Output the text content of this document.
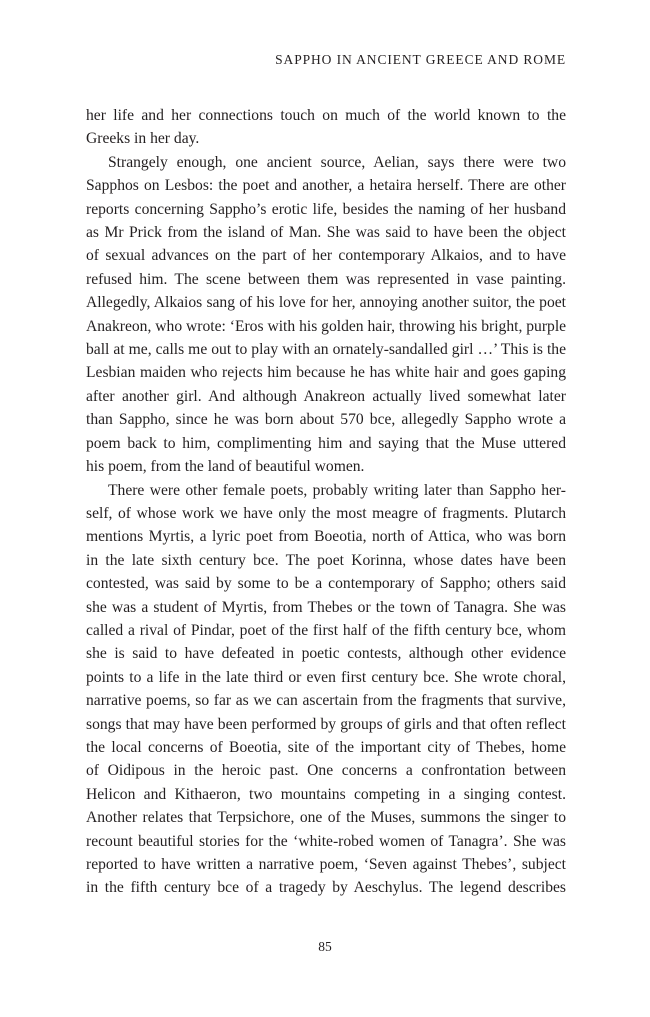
SAPPHO IN ANCIENT GREECE AND ROME

her life and her connections touch on much of the world known to the
Greeks in her day.

Strangely enough, one ancient source, Aelian, says there were two
Sapphos on Lesbos: the poet and another, a hetaira herself. There are other
reports concerning Sappho’s erotic life, besides the naming of her husband
as Mr Prick from the island of Man. She was said to have been the object
of sexual advances on the part of her contemporary Alkaios, and to have
refused him. The scene between them was represented in vase painting.
Allegedly, Alkaios sang of his love for her, annoying another suitor, the poet
Anakreon, who wrote: ‘Eros with his golden hair, throwing his bright, purple
ball at me, calls me out to play with an ornately-sandalled girl …’ This is the
Lesbian maiden who rejects him because he has white hair and goes gaping
after another girl. And although Anakreon actually lived somewhat later
than Sappho, since he was born about 570 bce, allegedly Sappho wrote a
poem back to him, complimenting him and saying that the Muse uttered
his poem, from the land of beautiful women.

There were other female poets, probably writing later than Sappho her-
self, of whose work we have only the most meagre of fragments. Plutarch
mentions Myrtis, a lyric poet from Boeotia, north of Attica, who was born
in the late sixth century bce. The poet Korinna, whose dates have been
contested, was said by some to be a contemporary of Sappho; others said
she was a student of Myrtis, from Thebes or the town of Tanagra. She was
called a rival of Pindar, poet of the first half of the fifth century bce, whom
she is said to have defeated in poetic contests, although other evidence
points to a life in the late third or even first century bce. She wrote choral,
narrative poems, so far as we can ascertain from the fragments that survive,
songs that may have been performed by groups of girls and that often reflect
the local concerns of Boeotia, site of the important city of Thebes, home
of Oidipous in the heroic past. One concerns a confrontation between
Helicon and Kithaeron, two mountains competing in a singing contest.
Another relates that Terpsichore, one of the Muses, summons the singer to
recount beautiful stories for the ‘white-robed women of Tanagra’. She was
reported to have written a narrative poem, ‘Seven against Thebes’, subject
in the fifth century bce of a tragedy by Aeschylus. The legend describes

85
